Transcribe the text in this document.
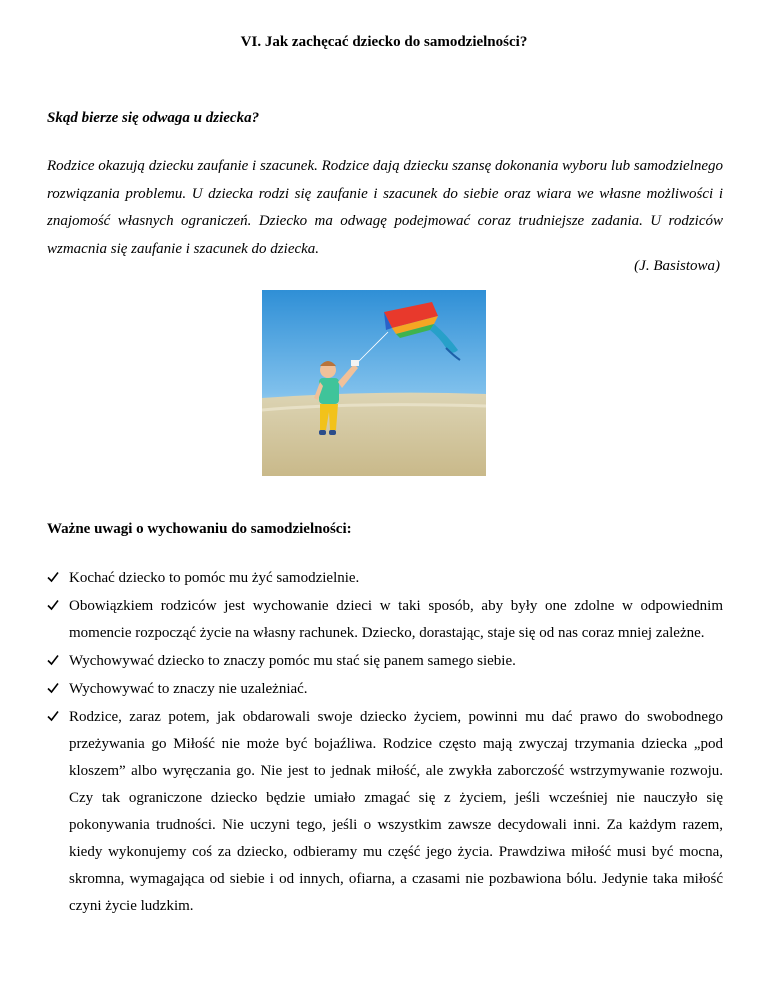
VI. Jak zachęcać dziecko do samodzielności?
Skąd bierze się odwaga u dziecka?

Rodzice okazują dziecku zaufanie i szacunek. Rodzice dają dziecku szansę dokonania wyboru lub samodzielnego rozwiązania problemu. U dziecka rodzi się zaufanie i szacunek do siebie oraz wiara we własne możliwości i znajomość własnych ograniczeń. Dziecko ma odwagę podejmować coraz trudniejsze zadania. U rodziców wzmacnia się zaufanie i szacunek do dziecka.

(J. Basistowa)
Ważne uwagi o wychowaniu do samodzielności:
Kochać dziecko to pomóc mu żyć samodzielnie.
Obowiązkiem rodziców jest wychowanie dzieci w taki sposób, aby były one zdolne w odpowiednim momencie rozpocząć życie na własny rachunek. Dziecko, dorastając, staje się od nas coraz mniej zależne.
Wychowywać dziecko to znaczy pomóc mu stać się panem samego siebie.
Wychowywać to znaczy nie uzależniać.
Rodzice, zaraz potem, jak obdarowali swoje dziecko życiem, powinni mu dać prawo do swobodnego przeżywania go Miłość nie może być bojaźliwa. Rodzice często mają zwyczaj trzymania dziecka „pod kloszem” albo wyręczania go. Nie jest to jednak miłość, ale zwykła zaborczość wstrzymywanie rozwoju. Czy tak ograniczone dziecko będzie umiało zmagać się z życiem, jeśli wcześniej nie nauczyło się pokonywania trudności. Nie uczyni tego, jeśli o wszystkim zawsze decydowali inni. Za każdym razem, kiedy wykonujemy coś za dziecko, odbieramy mu część jego życia. Prawdziwa miłość musi być mocna, skromna, wymagająca od siebie i od innych, ofiarna, a czasami nie pozbawiona bólu. Jedynie taka miłość czyni życie ludzkim.
